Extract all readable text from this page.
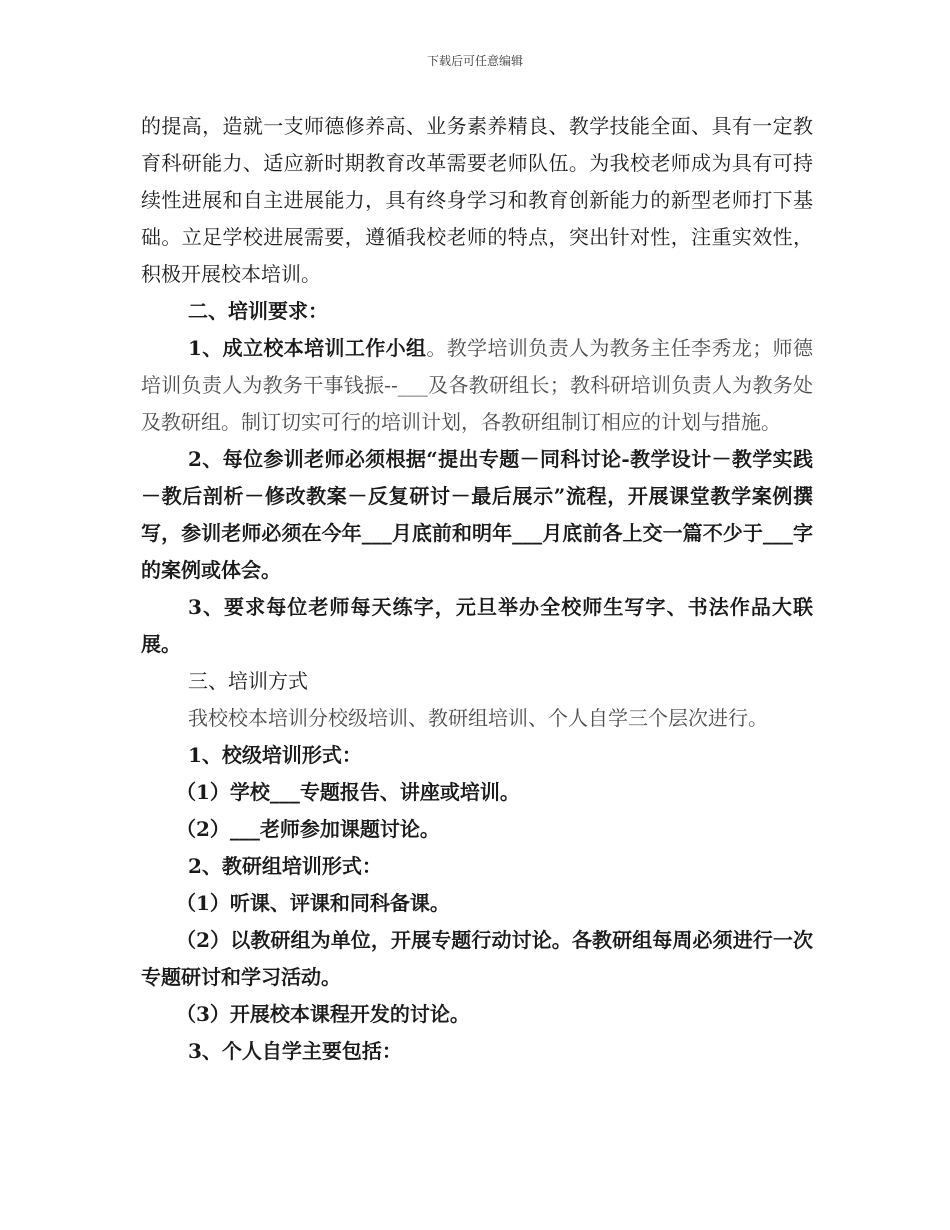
下载后可任意编辑

的提高，造就一支师德修养高、业务素养精良、教学技能全面、具有一定教育科研能力、适应新时期教育改革需要老师队伍。为我校老师成为具有可持续性进展和自主进展能力，具有终身学习和教育创新能力的新型老师打下基础。立足学校进展需要，遵循我校老师的特点，突出针对性，注重实效性，积极开展校本培训。

二、培训要求：

1、成立校本培训工作小组。教学培训负责人为教务主任李秀龙；师德培训负责人为教务干事钱振--___及各教研组长；教科研培训负责人为教务处及教研组。制订切实可行的培训计划，各教研组制订相应的计划与措施。

2、每位参训老师必须根据“提出专题－同科讨论-教学设计－教学实践－教后剖析－修改教案－反复研讨－最后展示”流程，开展课堂教学案例撰写，参训老师必须在今年___月底前和明年___月底前各上交一篇不少于___字的案例或体会。

3、要求每位老师每天练字，元旦举办全校师生写字、书法作品大联展。

三、培训方式

我校校本培训分校级培训、教研组培训、个人自学三个层次进行。

1、校级培训形式：

（1）学校___专题报告、讲座或培训。

（2）___老师参加课题讨论。

2、教研组培训形式：

（1）听课、评课和同科备课。

（2）以教研组为单位，开展专题行动讨论。各教研组每周必须进行一次专题研讨和学习活动。

（3）开展校本课程开发的讨论。

3、个人自学主要包括：
